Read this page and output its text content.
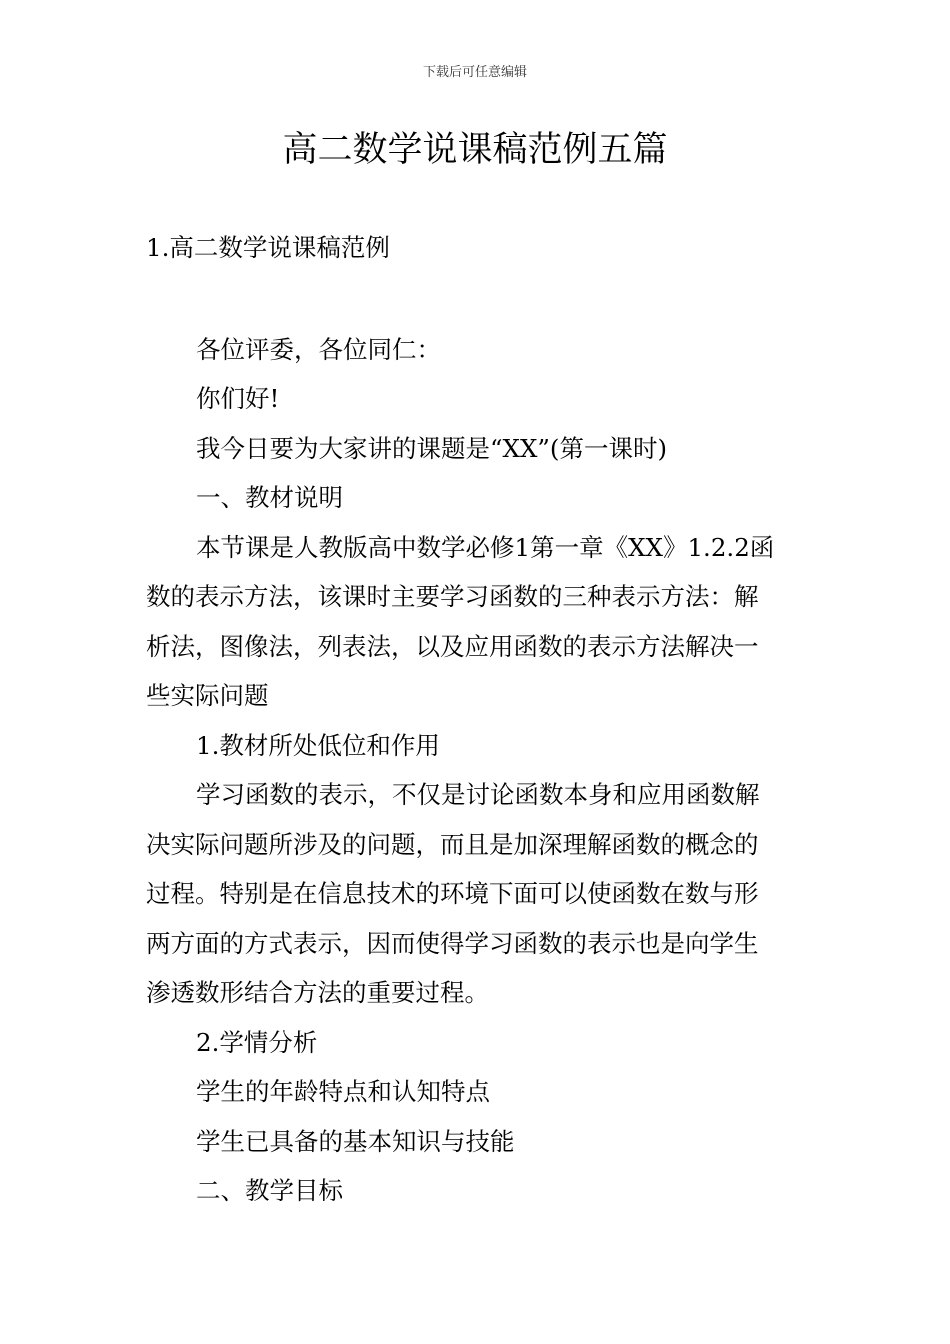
下载后可任意编辑
高二数学说课稿范例五篇
1.高二数学说课稿范例
各位评委，各位同仁：
你们好!
我今日要为大家讲的课题是“XX”(第一课时)
一、教材说明
本节课是人教版高中数学必修1第一章《XX》1.2.2函
数的表示方法，该课时主要学习函数的三种表示方法：解
析法，图像法，列表法，以及应用函数的表示方法解决一
些实际问题
1.教材所处低位和作用
学习函数的表示，不仅是讨论函数本身和应用函数解
决实际问题所涉及的问题，而且是加深理解函数的概念的
过程。特别是在信息技术的环境下面可以使函数在数与形
两方面的方式表示，因而使得学习函数的表示也是向学生
渗透数形结合方法的重要过程。
2.学情分析
学生的年龄特点和认知特点
学生已具备的基本知识与技能
二、教学目标
